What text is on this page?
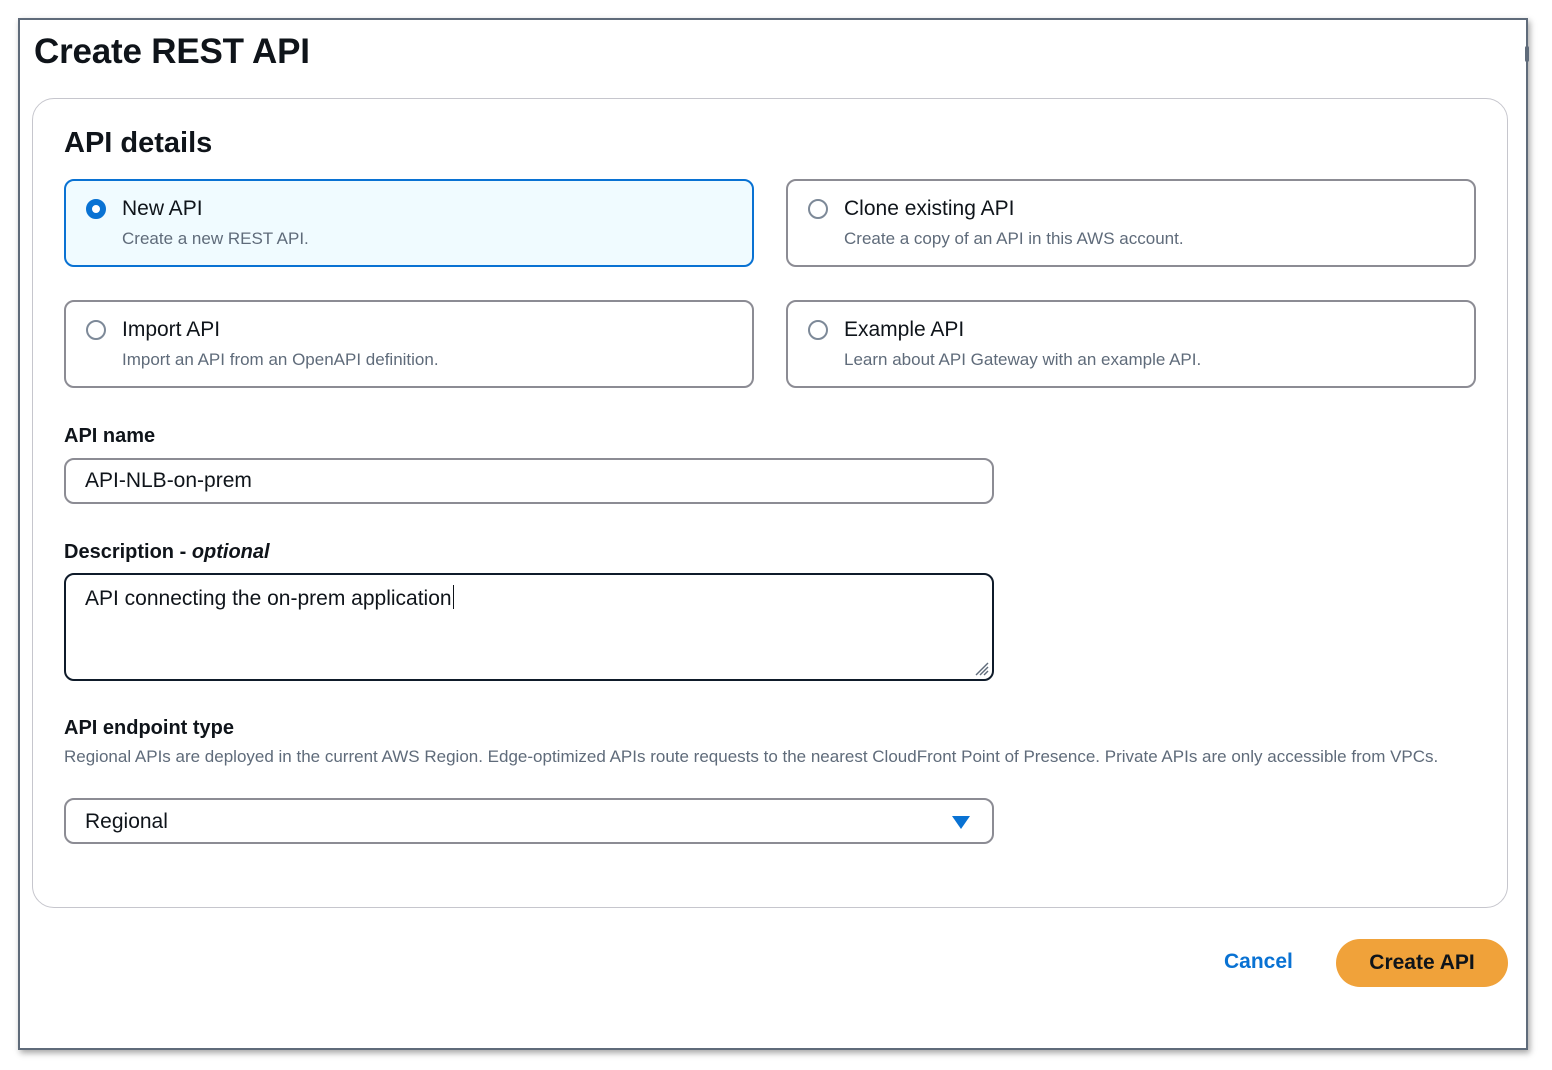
Create REST API
API details
New API
Create a new REST API.
Clone existing API
Create a copy of an API in this AWS account.
Import API
Import an API from an OpenAPI definition.
Example API
Learn about API Gateway with an example API.
API name
API-NLB-on-prem
Description - optional
API connecting the on-prem application
API endpoint type
Regional APIs are deployed in the current AWS Region. Edge-optimized APIs route requests to the nearest CloudFront Point of Presence. Private APIs are only accessible from VPCs.
Regional
Cancel	Create API
